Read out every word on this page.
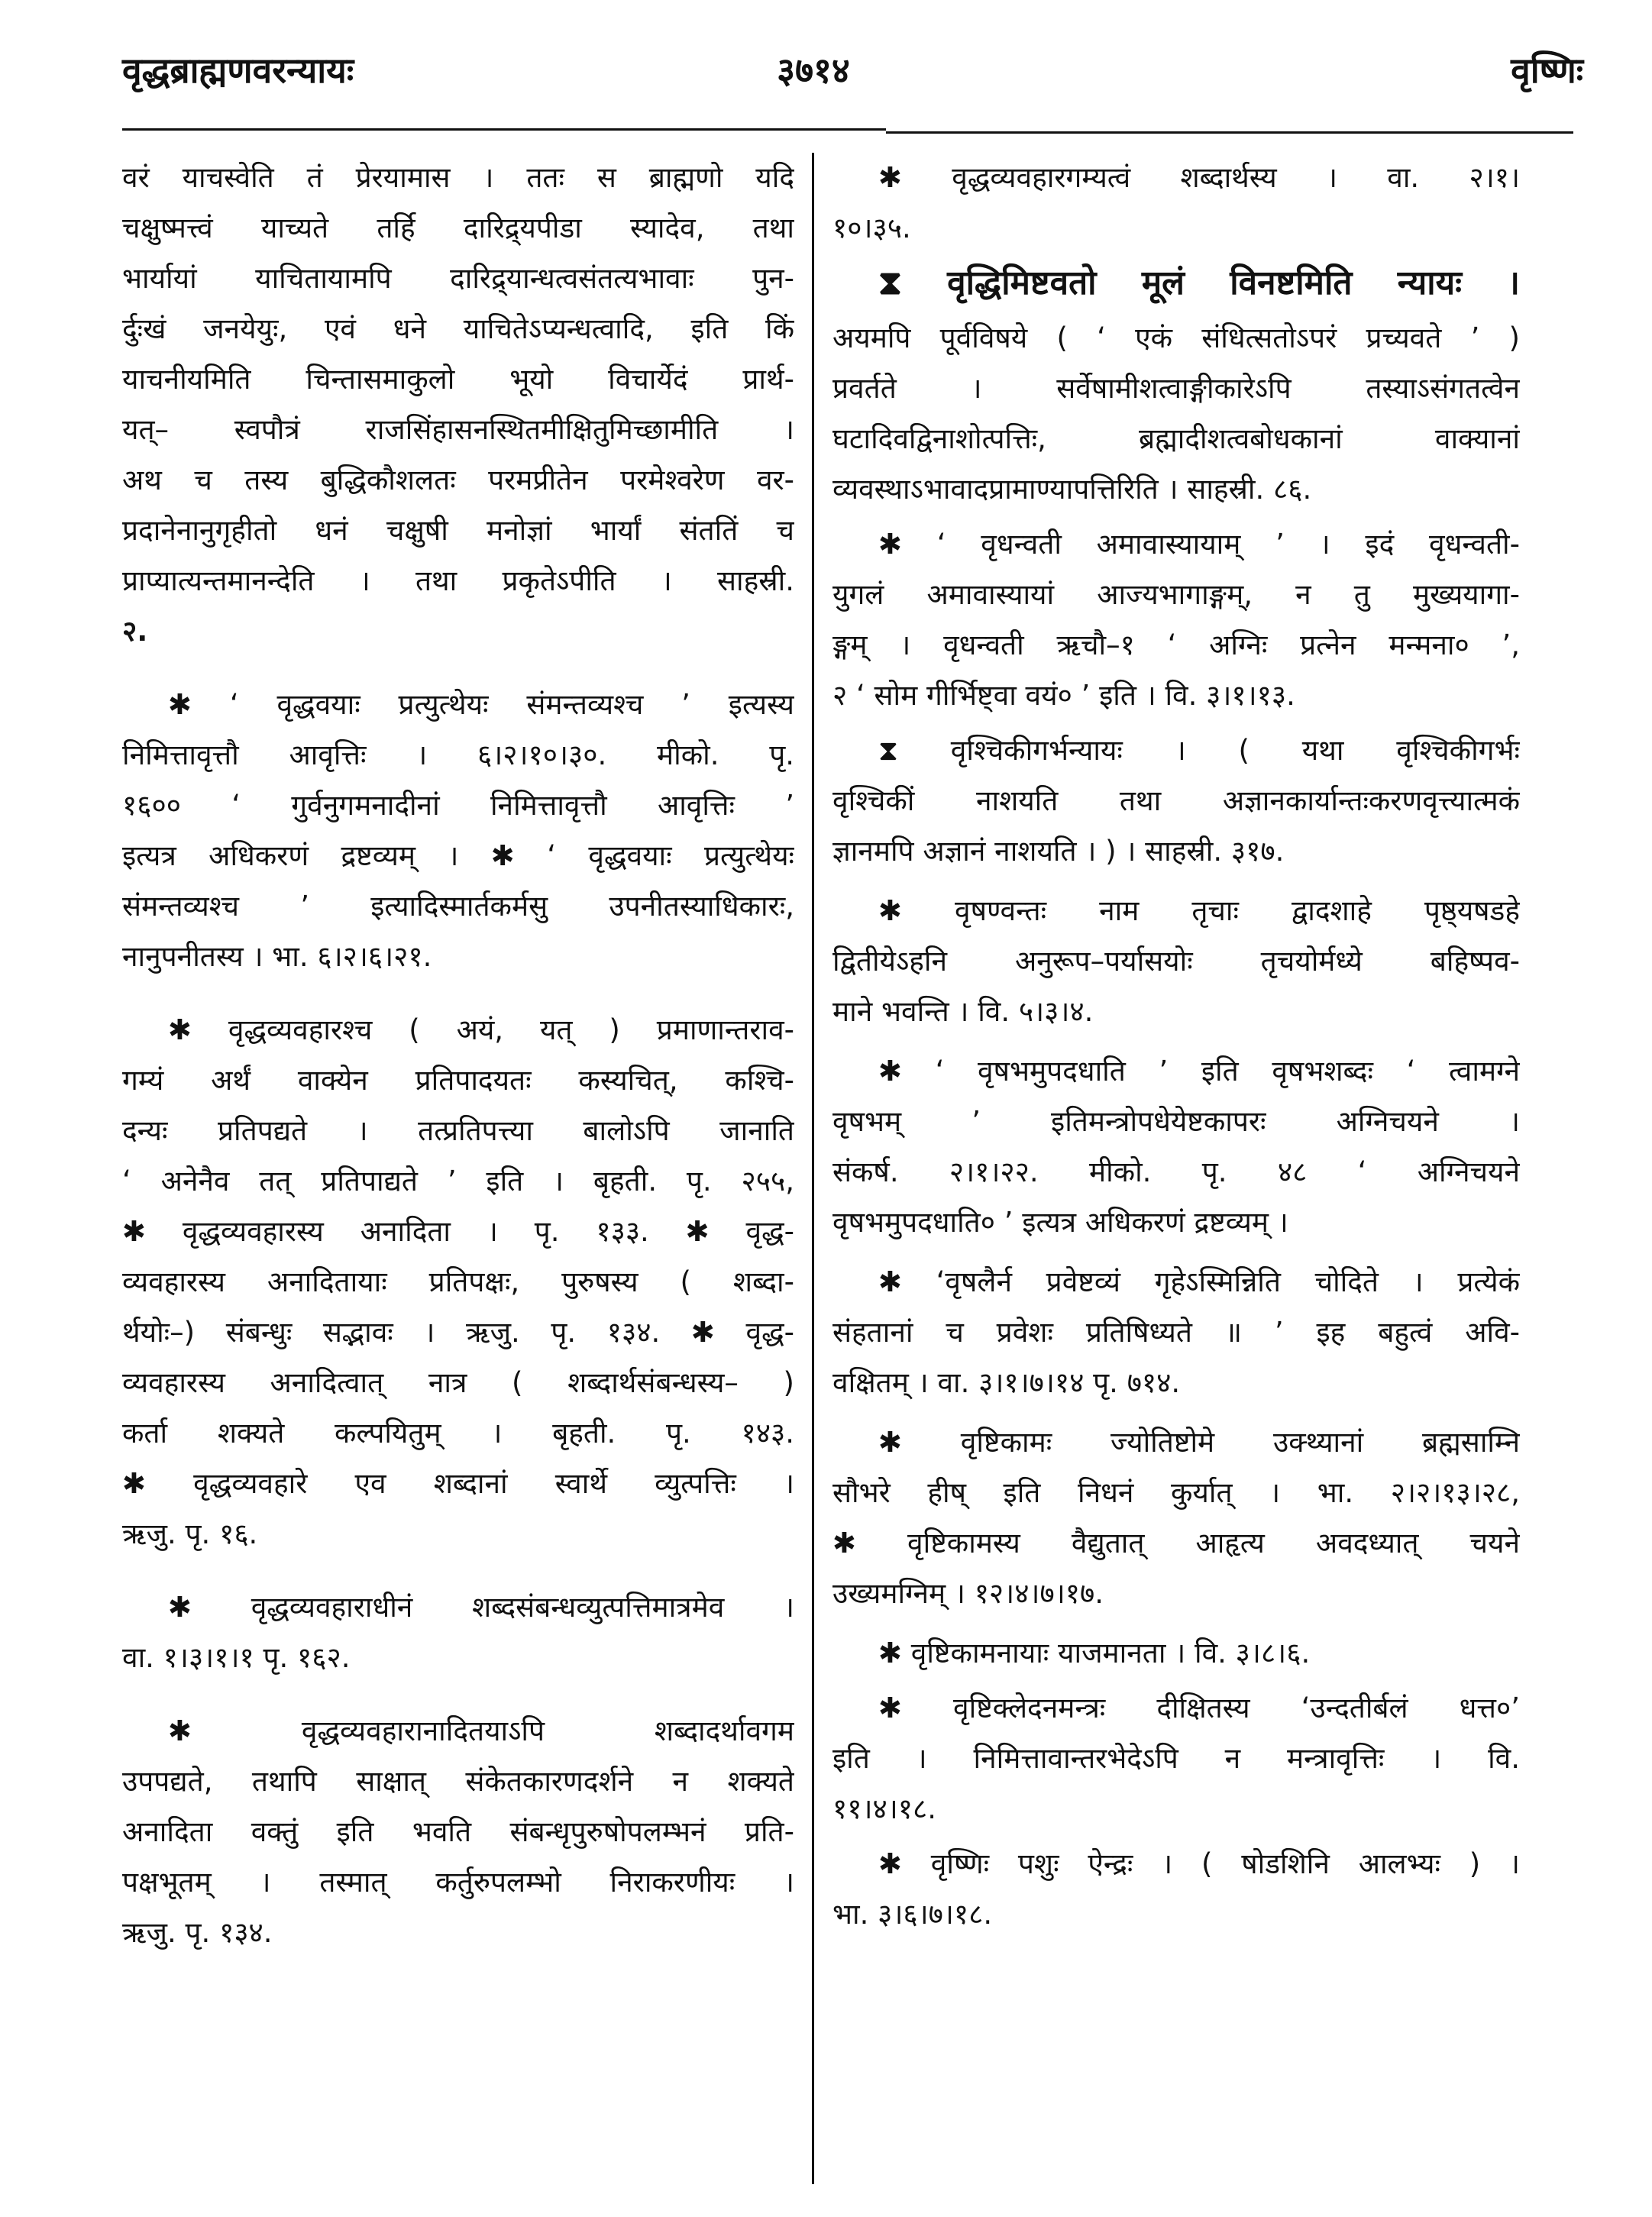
वृद्धब्राह्मणवरन्यायः	३७१४	वृष्णिः
वरं याचस्वेति तं प्रेरयामास । ततः स ब्राह्मणो यदि
चक्षुष्मत्त्वं याच्यते तर्हि दारिद्र्यपीडा स्यादेव, तथा
भार्यायां याचितायामपि दारिद्र्यान्धत्वसंतत्यभावाः पुन-
र्दुःखं जनयेयुः, एवं धने याचितेऽप्यन्धत्वादि, इति किं
याचनीयमिति चिन्तासमाकुलो भूयो विचार्येदं प्रार्थ-
यत्– स्वपौत्रं राजसिंहासनस्थितमीक्षितुमिच्छामीति ।
अथ च तस्य बुद्धिकौशलतः परमप्रीतेन परमेश्वरेण वर-
प्रदानेनानुगृहीतो धनं चक्षुषी मनोज्ञां भार्यां संततिं च
प्राप्यात्यन्तमानन्देति । तथा प्रकृतेऽपीति । साहस्री.
२.
✱ ‘ वृद्धवयाः प्रत्युत्थेयः संमन्तव्यश्च ’ इत्यस्य
निमित्तावृत्तौ आवृत्तिः । ६।२।१०।३०. मीको. पृ.
१६०० ‘ गुर्वनुगमनादीनां निमित्तावृत्तौ आवृत्तिः ’
इत्यत्र अधिकरणं द्रष्टव्यम् । ✱ ‘ वृद्धवयाः प्रत्युत्थेयः
संमन्तव्यश्च ’ इत्यादिस्मार्तकर्मसु उपनीतस्याधिकारः,
नानुपनीतस्य । भा. ६।२।६।२१.
✱ वृद्धव्यवहारश्च ( अयं, यत् ) प्रमाणान्तराव-
गम्यं अर्थं वाक्येन प्रतिपादयतः कस्यचित्, कश्चि-
दन्यः प्रतिपद्यते । तत्प्रतिपत्त्या बालोऽपि जानाति
‘ अनेनैव तत् प्रतिपाद्यते ’ इति । बृहती. पृ. २५५,
✱ वृद्धव्यवहारस्य अनादिता । पृ. १३३. ✱ वृद्ध-
व्यवहारस्य अनादितायाः प्रतिपक्षः, पुरुषस्य ( शब्दा-
र्थयोः–) संबन्धुः सद्भावः । ऋजु. पृ. १३४. ✱ वृद्ध-
व्यवहारस्य अनादित्वात् नात्र ( शब्दार्थसंबन्धस्य– )
कर्ता शक्यते कल्पयितुम् । बृहती. पृ. १४३.
✱ वृद्धव्यवहारे एव शब्दानां स्वार्थे व्युत्पत्तिः ।
ऋजु. पृ. १६.
✱ वृद्धव्यवहाराधीनं शब्दसंबन्धव्युत्पत्तिमात्रमेव ।
वा. १।३।१।१ पृ. १६२.
✱ वृद्धव्यवहारानादितयाऽपि शब्दादर्थावगम
उपपद्यते, तथापि साक्षात् संकेतकारणदर्शने न शक्यते
अनादिता वक्तुं इति भवति संबन्धृपुरुषोपलम्भनं प्रति-
पक्षभूतम् । तस्मात् कर्तुरुपलम्भो निराकरणीयः ।
ऋजु. पृ. १३४.
✱ वृद्धव्यवहारगम्यत्वं शब्दार्थस्य । वा. २।१।
१०।३५.
⧗ वृद्धिमिष्टवतो मूलं विनष्टमिति न्यायः ।
अयमपि पूर्वविषये ( ‘ एकं संधित्सतोऽपरं प्रच्यवते ’ )
प्रवर्तते । सर्वेषामीशत्वाङ्गीकारेऽपि तस्याऽसंगतत्वेन
घटादिवद्विनाशोत्पत्तिः, ब्रह्मादीशत्वबोधकानां वाक्यानां
व्यवस्थाऽभावादप्रामाण्यापत्तिरिति । साहस्री. ८६.
✱ ‘ वृधन्वती अमावास्यायाम् ’ । इदं वृधन्वती-
युगलं अमावास्यायां आज्यभागाङ्गम्, न तु मुख्ययागा-
ङ्गम् । वृधन्वती ऋचौ–१ ‘ अग्निः प्रत्नेन मन्मना० ’,
२ ‘ सोम गीर्भिष्ट्वा वयं० ’ इति । वि. ३।१।१३.
⧗ वृश्चिकीगर्भन्यायः । ( यथा वृश्चिकीगर्भः
वृश्चिकीं नाशयति तथा अज्ञानकार्यान्तःकरणवृत्त्यात्मकं
ज्ञानमपि अज्ञानं नाशयति । ) । साहस्री. ३१७.
✱ वृषण्वन्तः नाम तृचाः द्वादशाहे पृष्ठ्यषडहे
द्वितीयेऽहनि अनुरूप–पर्यासयोः तृचयोर्मध्ये बहिष्पव-
माने भवन्ति । वि. ५।३।४.
✱ ‘ वृषभमुपदधाति ’ इति वृषभशब्दः ‘ त्वामग्ने
वृषभम् ’ इतिमन्त्रोपधेयेष्टकापरः अग्निचयने ।
संकर्ष. २।१।२२. मीको. पृ. ४८ ‘ अग्निचयने
वृषभमुपदधाति० ’ इत्यत्र अधिकरणं द्रष्टव्यम् ।
✱ ‘वृषलैर्न प्रवेष्टव्यं गृहेऽस्मिन्निति चोदिते । प्रत्येकं
संहतानां च प्रवेशः प्रतिषिध्यते ॥ ’ इह बहुत्वं अवि-
वक्षितम् । वा. ३।१।७।१४ पृ. ७१४.
✱ वृष्टिकामः ज्योतिष्टोमे उक्थ्यानां ब्रह्मसाम्नि
सौभरे हीष् इति निधनं कुर्यात् । भा. २।२।१३।२८,
✱ वृष्टिकामस्य वैद्युतात् आहृत्य अवदध्यात् चयने
उख्यमग्निम् । १२।४।७।१७.
✱ वृष्टिकामनायाः याजमानता । वि. ३।८।६.
✱ वृष्टिक्लेदनमन्त्रः दीक्षितस्य ‘उन्दतीर्बलं धत्त०’
इति । निमित्तावान्तरभेदेऽपि न मन्त्रावृत्तिः । वि.
११।४।१८.
✱ वृष्णिः पशुः ऐन्द्रः । ( षोडशिनि आलभ्यः ) ।
भा. ३।६।७।१८.
